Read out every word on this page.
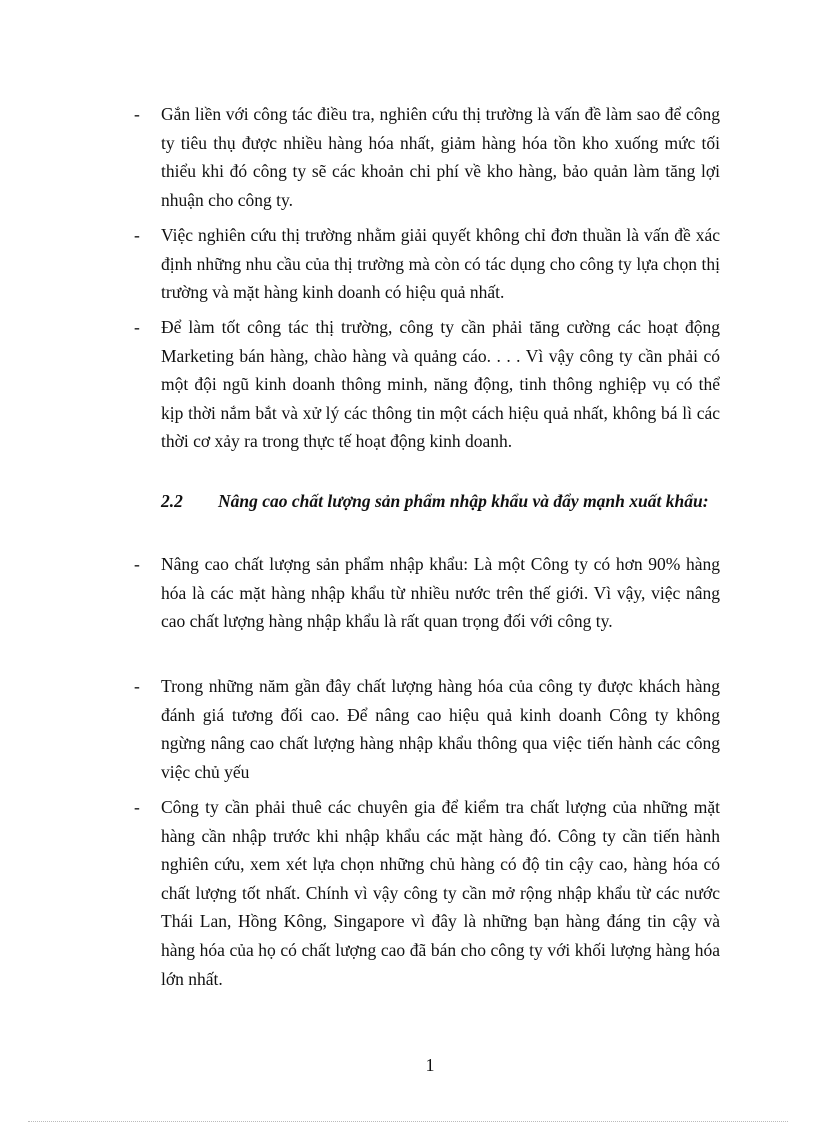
- Gắn liền với công tác điều tra, nghiên cứu thị trường là vấn đề làm sao để công ty tiêu thụ được nhiều hàng hóa nhất, giảm hàng hóa tồn kho xuống mức tối thiểu khi đó công ty sẽ các khoản chi phí về kho hàng, bảo quản làm tăng lợi nhuận cho công ty.
- Việc nghiên cứu thị trường nhằm giải quyết không chỉ đơn thuần là vấn đề xác định những nhu cầu của thị trường mà còn có tác dụng cho công ty lựa chọn thị trường và mặt hàng kinh doanh có hiệu quả nhất.
- Để làm tốt công tác thị trường, công ty cần phải tăng cường các hoạt động Marketing bán hàng, chào hàng và quảng cáo. . . . Vì vậy công ty cần phải có một đội ngũ kinh doanh thông minh, năng động, tinh thông nghiệp vụ có thể kịp thời nắm bắt và xử lý các thông tin một cách hiệu quả nhất, không bá lì các thời cơ xảy ra trong thực tế hoạt động kinh doanh.
2.2 Nâng cao chất lượng sản phẩm nhập khẩu và đẩy mạnh xuất khẩu:
- Nâng cao chất lượng sản phẩm nhập khẩu: Là một Công ty có hơn 90% hàng hóa là các mặt hàng nhập khẩu từ nhiều nước trên thế giới. Vì vậy, việc nâng cao chất lượng hàng nhập khẩu là rất quan trọng đối với công ty.
- Trong những năm gần đây chất lượng hàng hóa của công ty được khách hàng đánh giá tương đối cao. Để nâng cao hiệu quả kinh doanh Công ty không ngừng nâng cao chất lượng hàng nhập khẩu thông qua việc tiến hành các công việc chủ yếu
- Công ty cần phải thuê các chuyên gia để kiểm tra chất lượng của những mặt hàng cần nhập trước khi nhập khẩu các mặt hàng đó. Công ty cần tiến hành nghiên cứu, xem xét lựa chọn những chủ hàng có độ tin cậy cao, hàng hóa có chất lượng tốt nhất. Chính vì vậy công ty cần mở rộng nhập khẩu từ các nước Thái Lan, Hồng Kông, Singapore vì đây là những bạn hàng đáng tin cậy và hàng hóa của họ có chất lượng cao đã bán cho công ty với khối lượng hàng hóa lớn nhất.
1
